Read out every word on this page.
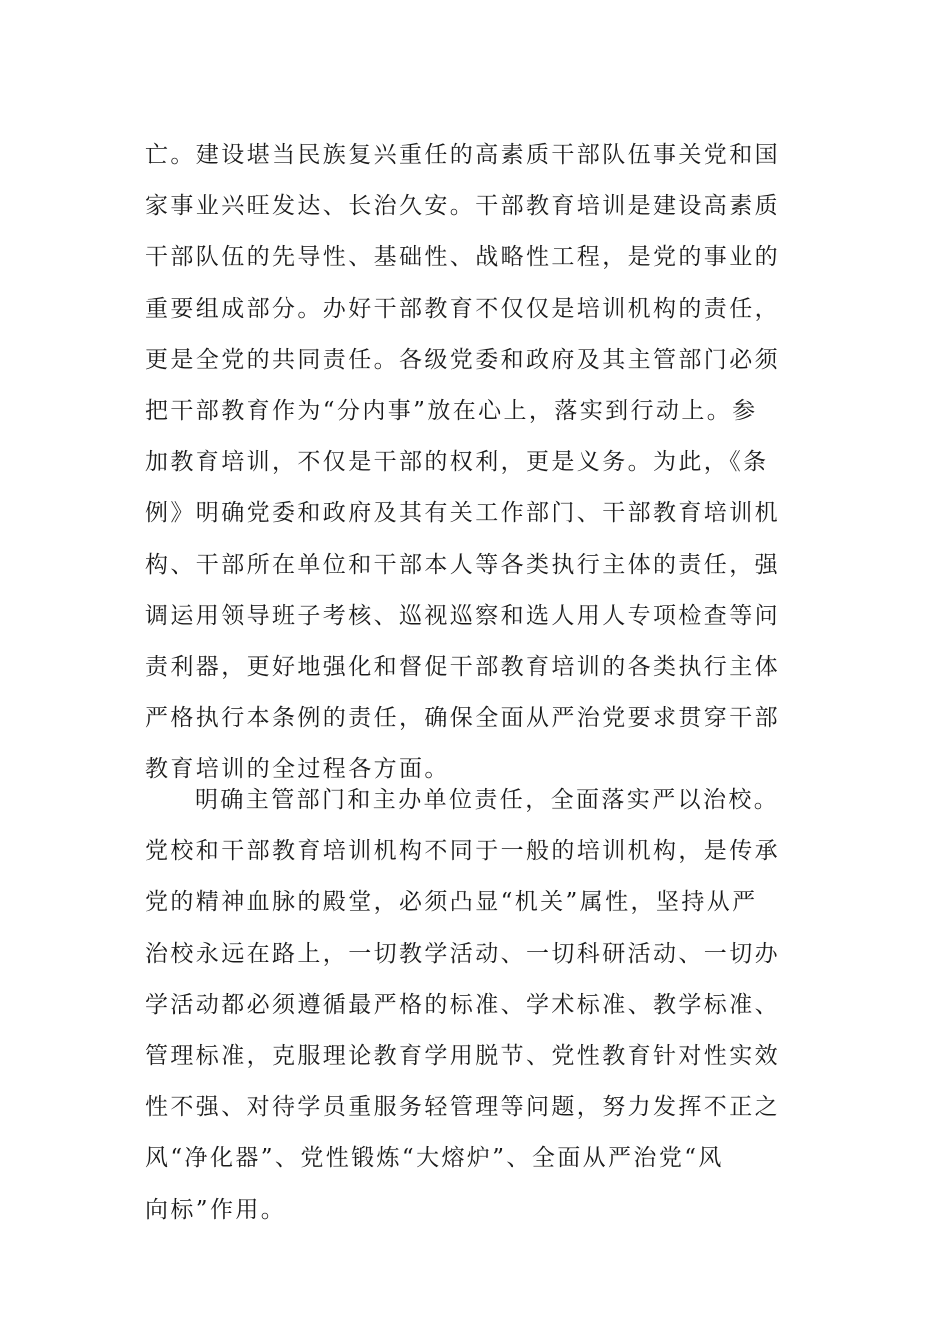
亡。建设堪当民族复兴重任的高素质干部队伍事关党和国
家事业兴旺发达、长治久安。干部教育培训是建设高素质
干部队伍的先导性、基础性、战略性工程，是党的事业的
重要组成部分。办好干部教育不仅仅是培训机构的责任，
更是全党的共同责任。各级党委和政府及其主管部门必须
把干部教育作为“分内事”放在心上，落实到行动上。参
加教育培训，不仅是干部的权利，更是义务。为此，《条
例》明确党委和政府及其有关工作部门、干部教育培训机
构、干部所在单位和干部本人等各类执行主体的责任，强
调运用领导班子考核、巡视巡察和选人用人专项检查等问
责利器，更好地强化和督促干部教育培训的各类执行主体
严格执行本条例的责任，确保全面从严治党要求贯穿干部
教育培训的全过程各方面。
明确主管部门和主办单位责任，全面落实严以治校。
党校和干部教育培训机构不同于一般的培训机构，是传承
党的精神血脉的殿堂，必须凸显“机关”属性，坚持从严
治校永远在路上，一切教学活动、一切科研活动、一切办
学活动都必须遵循最严格的标准、学术标准、教学标准、
管理标准，克服理论教育学用脱节、党性教育针对性实效
性不强、对待学员重服务轻管理等问题，努力发挥不正之
风“净化器”、党性锻炼“大熔炉”、全面从严治党“风
向标”作用。
